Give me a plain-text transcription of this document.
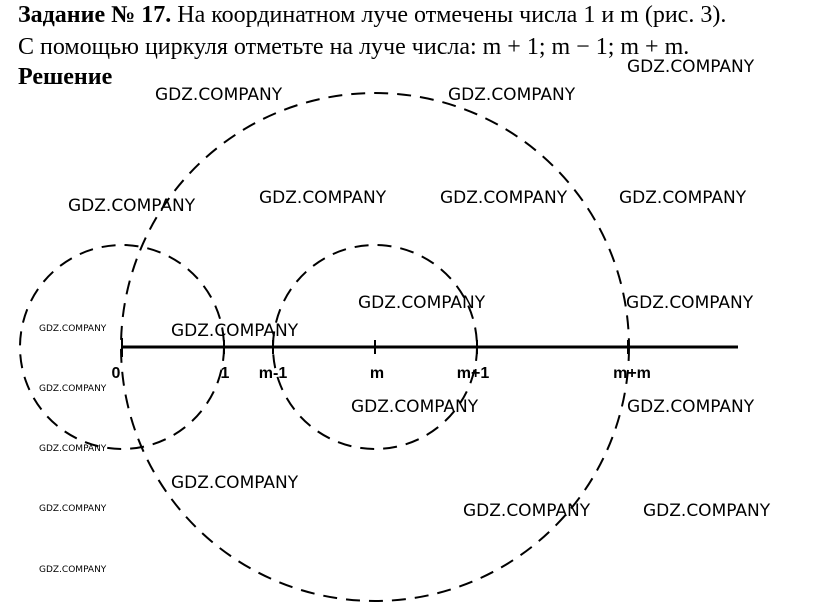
Задание № 17. На координатном луче отмечены числа 1 и m (рис. 3).
С помощью циркуля отметьте на луче числа: m + 1; m − 1; m + m.
Решение
0	1 m-1	m	m+1	m+m
GDZ.COMPANY
GDZ.COMPANY	GDZ.COMPANY
GDZ.COMPANY	GDZ.COMPANY	GDZ.COMPANY
GDZ.COMPANY
GDZ.COMPANY	GDZ.COMPANY
GDZ.COMPANY
GDZ.COMPANY	GDZ.COMPANY
GDZ.COMPANY
GDZ.COMPANY	GDZ.COMPANY
GDZ.COMPANY
GDZ.COMPANY
GDZ.COMPANY
GDZ.COMPANY
GDZ.COMPANY
